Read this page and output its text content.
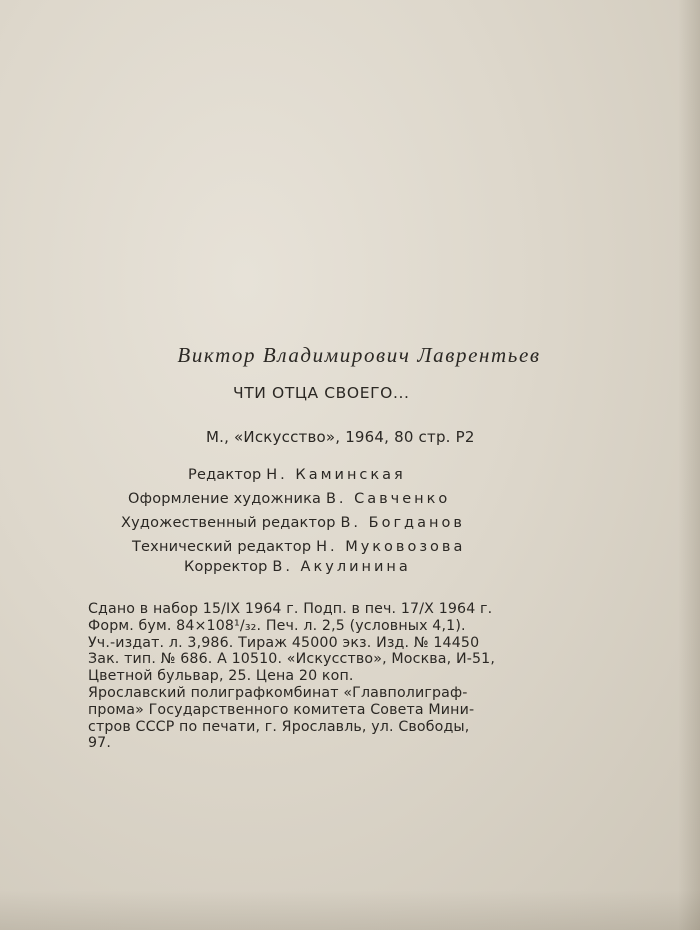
Виктор Владимирович Лаврентьев

ЧТИ ОТЦА СВОЕГО...

М., «Искусство», 1964, 80 стр. Р2

Редактор Н. Каминская

Оформление художника В. Савченко

Художественный редактор В. Богданов

Технический редактор Н. Муковозова

Корректор В. Акулинина

Сдано в набор 15/IX 1964 г. Подп. в печ. 17/X 1964 г.
Форм. бум. 84×108¹/₃₂. Печ. л. 2,5 (условных 4,1).
Уч.-издат. л. 3,986. Тираж 45000 экз. Изд. № 14450
Зак. тип. № 686. А 10510. «Искусство», Москва, И-51,
Цветной бульвар, 25. Цена 20 коп.
Ярославский полиграфкомбинат «Главполиграф-
прома» Государственного комитета Совета Мини-
стров СССР по печати, г. Ярославль, ул. Свободы,
97.
